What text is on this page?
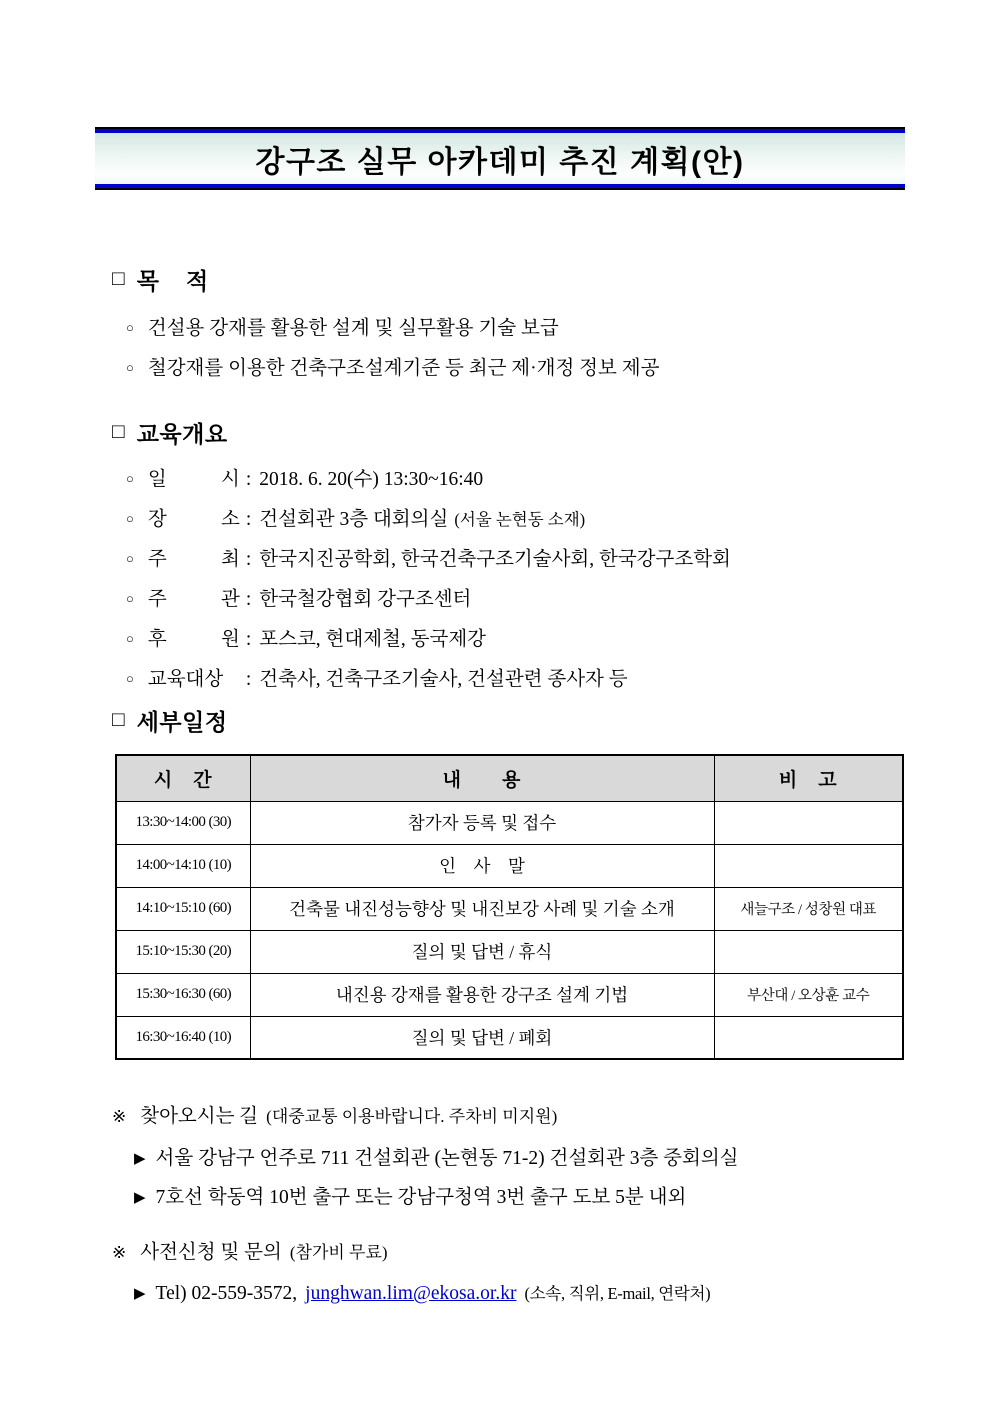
강구조 실무 아카데미 추진 계획(안)
□ 목 적
○ 건설용 강재를 활용한 설계 및 실무활용 기술 보급
○ 철강재를 이용한 건축구조설계기준 등 최근 제·개정 정보 제공
□ 교육개요
○ 일 시 : 2018. 6. 20(수) 13:30~16:40
○ 장 소 : 건설회관 3층 대회의실 (서울 논현동 소재)
○ 주 최 : 한국지진공학회, 한국건축구조기술사회, 한국강구조학회
○ 주 관 : 한국철강협회 강구조센터
○ 후 원 : 포스코, 현대제철, 동국제강
○ 교육대상	: 건축사, 건축구조기술사, 건설관련 종사자 등
□ 세부일정
시　간	내　　용	비　고
13:30~14:00 (30)	참가자 등록 및 접수	
14:00~14:10 (10)	인　사　말	
14:10~15:10 (60)	건축물 내진성능향상 및 내진보강 사례 및 기술 소개	새늘구조 / 성창원 대표
15:10~15:30 (20)	질의 및 답변 / 휴식	
15:30~16:30 (60)	내진용 강재를 활용한 강구조 설계 기법	부산대 / 오상훈 교수
16:30~16:40 (10)	질의 및 답변 / 폐회	
※ 찾아오시는 길 (대중교통 이용바랍니다. 주차비 미지원)
▶ 서울 강남구 언주로 711 건설회관 (논현동 71-2) 건설회관 3층 중회의실
▶ 7호선 학동역 10번 출구 또는 강남구청역 3번 출구 도보 5분 내외
※ 사전신청 및 문의 (참가비 무료)
▶ Tel) 02-559-3572, junghwan.lim@ekosa.or.kr (소속, 직위, E-mail, 연락처)
